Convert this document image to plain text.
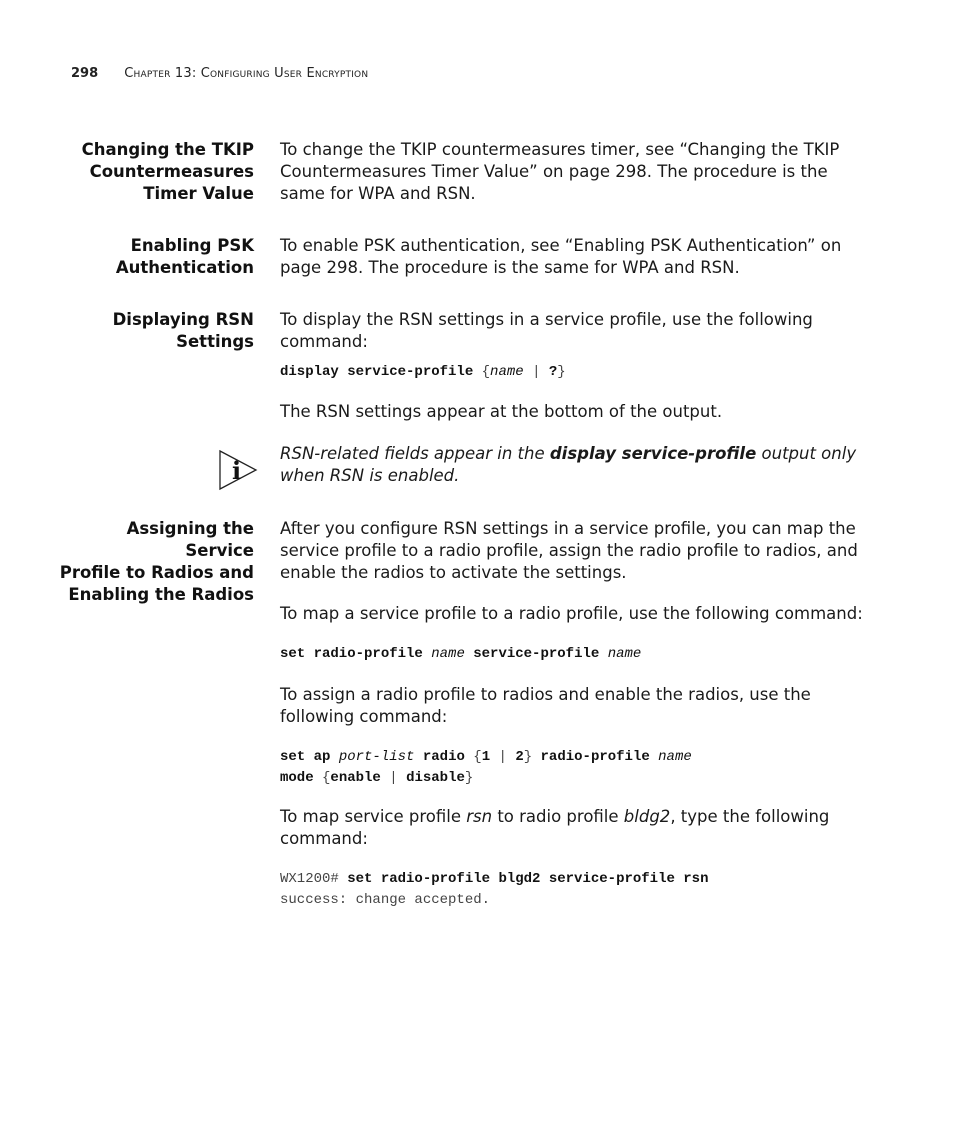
298 Chapter 13: Configuring User Encryption
Changing the TKIP
Countermeasures
Timer Value

To change the TKIP countermeasures timer, see “Changing the TKIP Countermeasures Timer Value” on page 298. The procedure is the same for WPA and RSN.

Enabling PSK
Authentication

To enable PSK authentication, see “Enabling PSK Authentication” on page 298. The procedure is the same for WPA and RSN.

Displaying RSN
Settings

To display the RSN settings in a service profile, use the following command:

display service-profile {name | ?}

The RSN settings appear at the bottom of the output.

i

RSN-related fields appear in the display service-profile output only when RSN is enabled.

Assigning the Service
Profile to Radios and
Enabling the Radios

After you configure RSN settings in a service profile, you can map the service profile to a radio profile, assign the radio profile to radios, and enable the radios to activate the settings.

To map a service profile to a radio profile, use the following command:

set radio-profile name service-profile name

To assign a radio profile to radios and enable the radios, use the following command:

set ap port-list radio {1 | 2} radio-profile name
mode {enable | disable}

To map service profile rsn to radio profile bldg2, type the following command:

WX1200# set radio-profile blgd2 service-profile rsn
success: change accepted.
